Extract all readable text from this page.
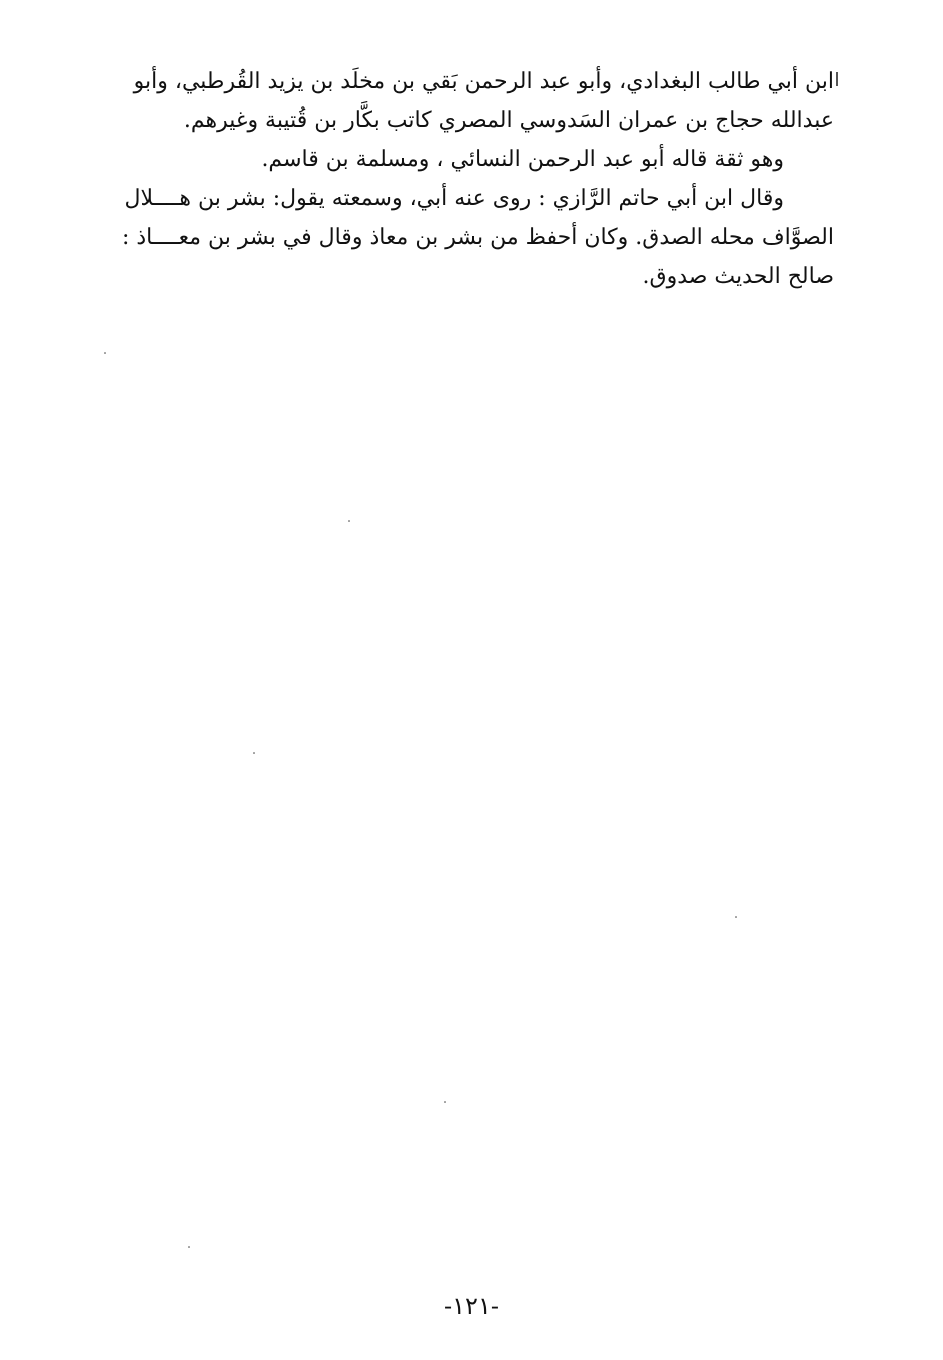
ابن أبي طالب البغدادي، وأبو عبد الرحمن بَقي بن مخلَد بن يزيد القُرطبي، وأبو
عبدالله حجاج بن عمران السَدوسي المصري كاتب بكَّار بن قُتيبة وغيرهم.
وهو ثقة قاله أبو عبد الرحمن النسائي ، ومسلمة بن قاسم.
وقال ابن أبي حاتم الرَّازي : روى عنه أبي، وسمعته يقول: بشر بن هــــلال
الصوَّاف محله الصدق. وكان أحفظ من بشر بن معاذ وقال في بشر بن معــــاذ :
صالح الحديث صدوق.
-١٢١-
